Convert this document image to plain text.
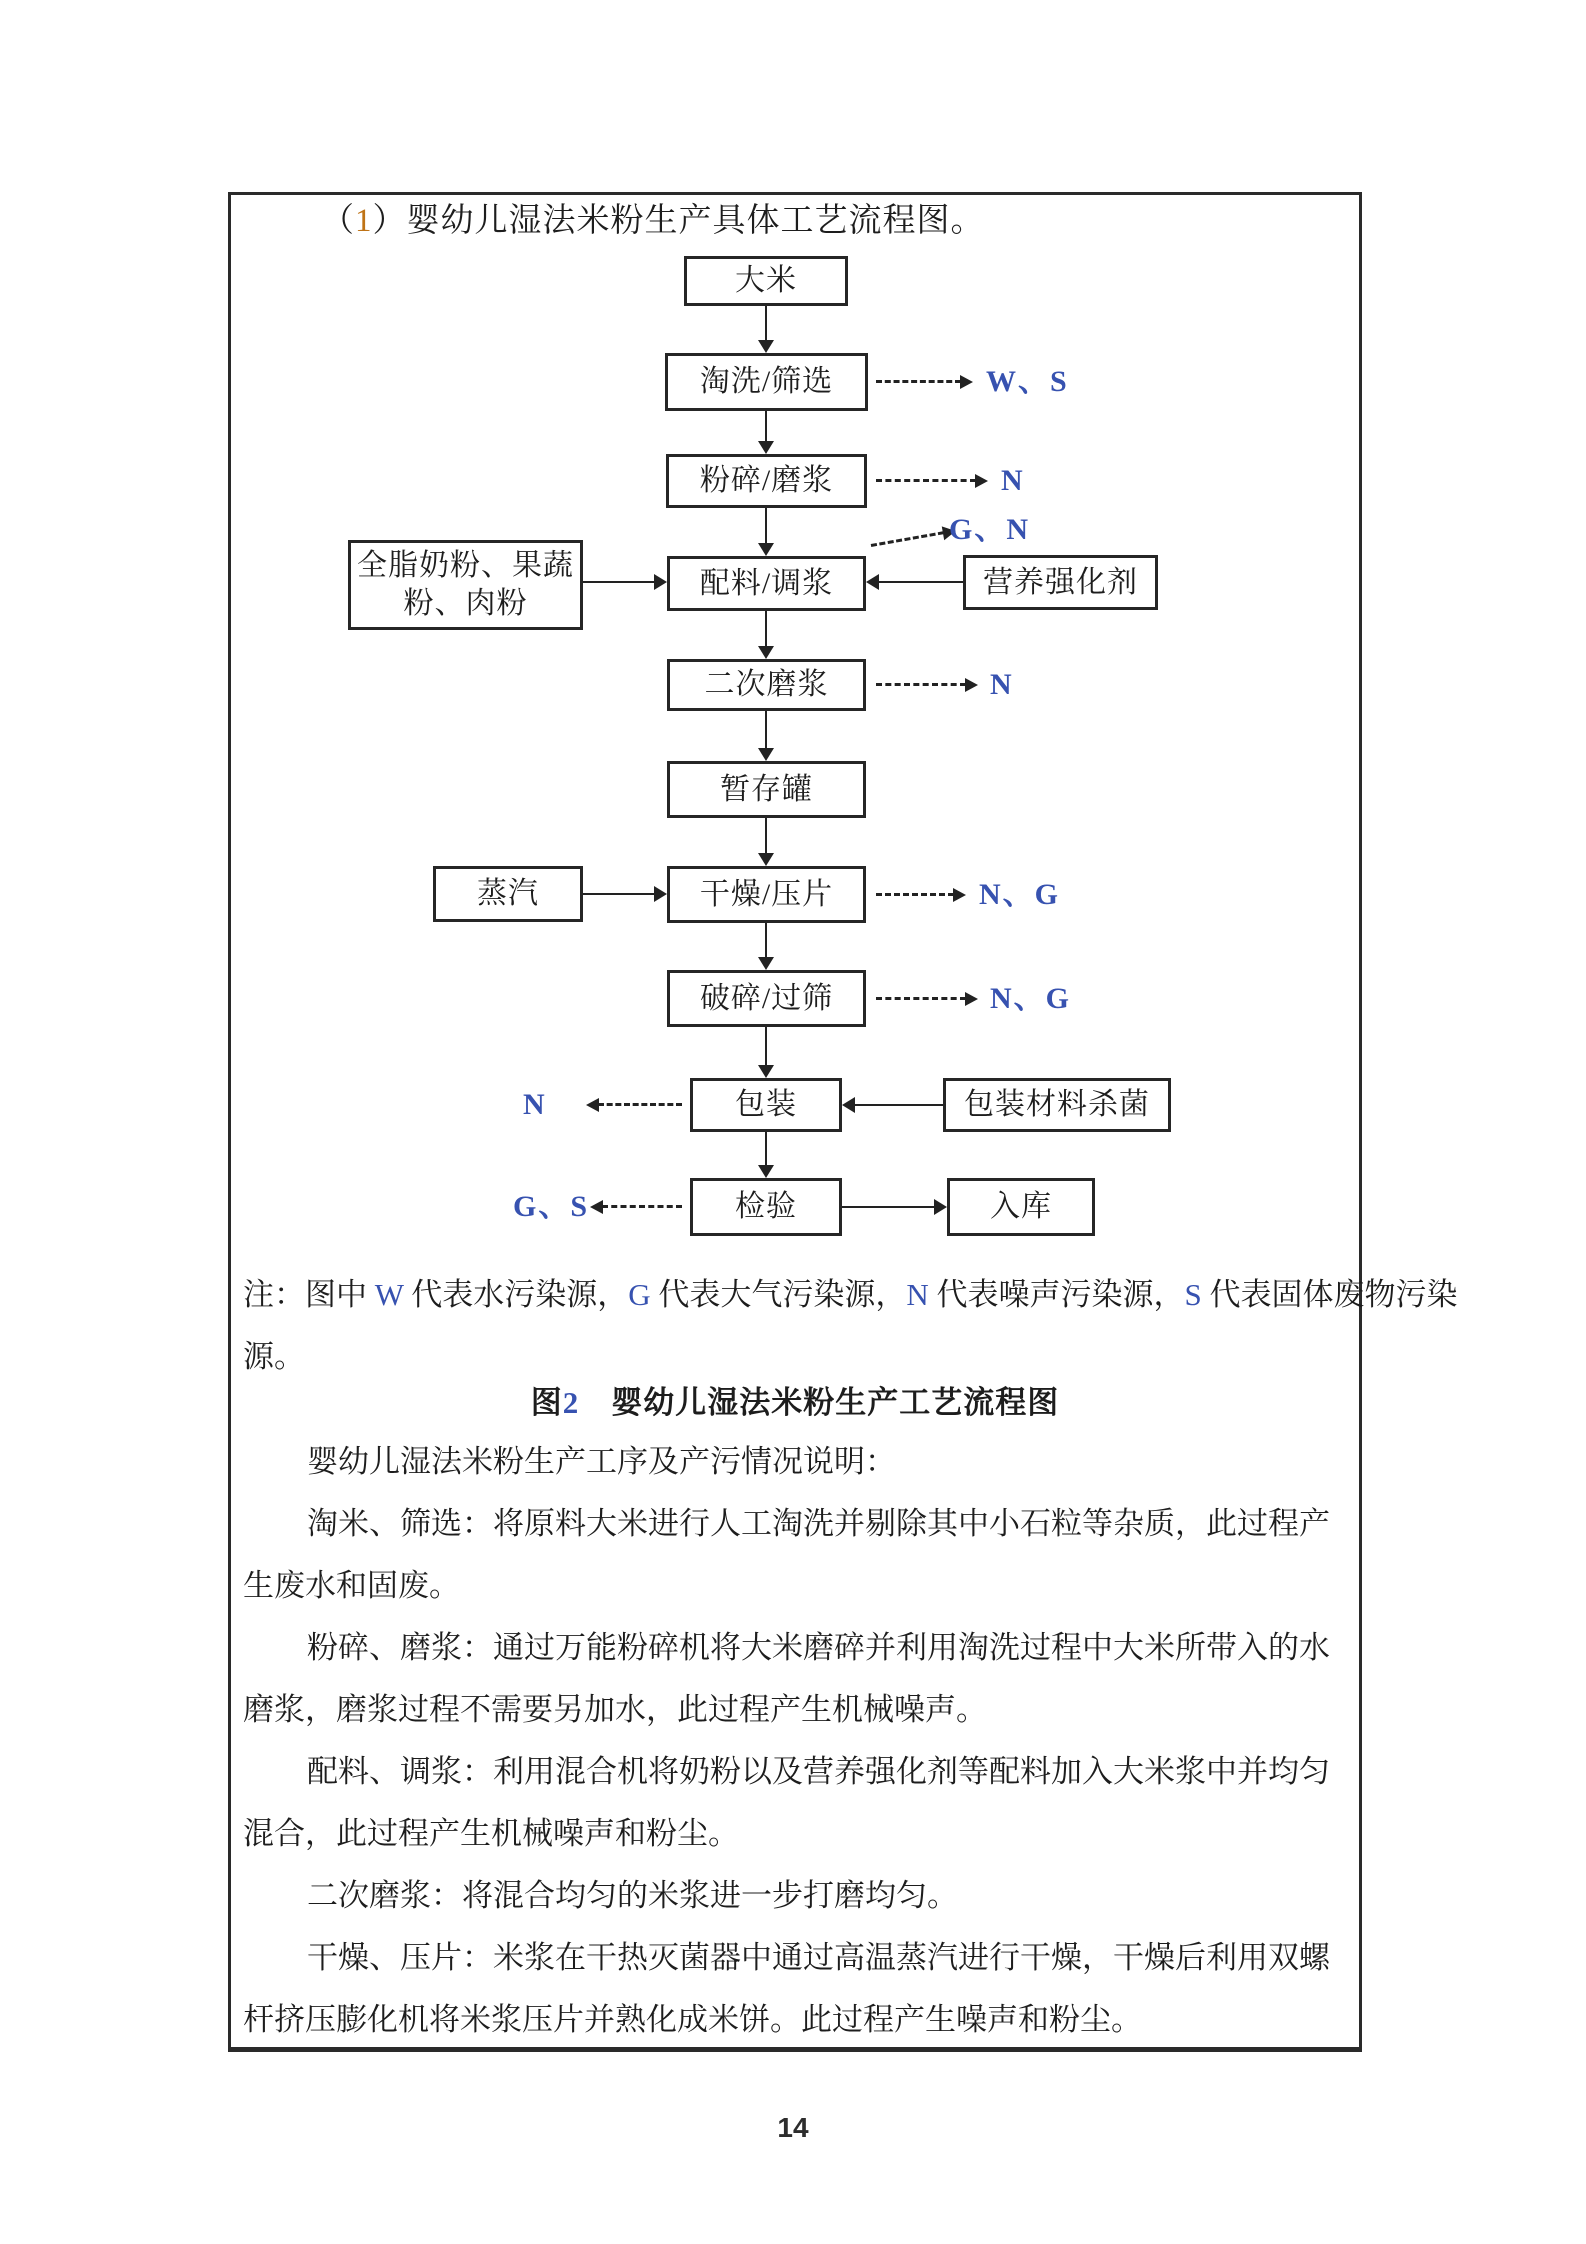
（1）婴幼儿湿法米粉生产具体工艺流程图。
大米
淘洗/筛选
粉碎/磨浆
配料/调浆
二次磨浆
暂存罐
干燥/压片
破碎/过筛
包装
检验
全脂奶粉、果蔬粉、肉粉
营养强化剂
蒸汽
包装材料杀菌
入库
W、S
N
G、N
N
N、G
N、G
N
G、S
注：图中 W 代表水污染源，G 代表大气污染源，N 代表噪声污染源，S 代表固体废物污染
源。
图2　婴幼儿湿法米粉生产工艺流程图
婴幼儿湿法米粉生产工序及产污情况说明：
淘米、筛选：将原料大米进行人工淘洗并剔除其中小石粒等杂质，此过程产
生废水和固废。
粉碎、磨浆：通过万能粉碎机将大米磨碎并利用淘洗过程中大米所带入的水
磨浆，磨浆过程不需要另加水，此过程产生机械噪声。
配料、调浆：利用混合机将奶粉以及营养强化剂等配料加入大米浆中并均匀
混合，此过程产生机械噪声和粉尘。
二次磨浆：将混合均匀的米浆进一步打磨均匀。
干燥、压片：米浆在干热灭菌器中通过高温蒸汽进行干燥，干燥后利用双螺
杆挤压膨化机将米浆压片并熟化成米饼。此过程产生噪声和粉尘。
14
